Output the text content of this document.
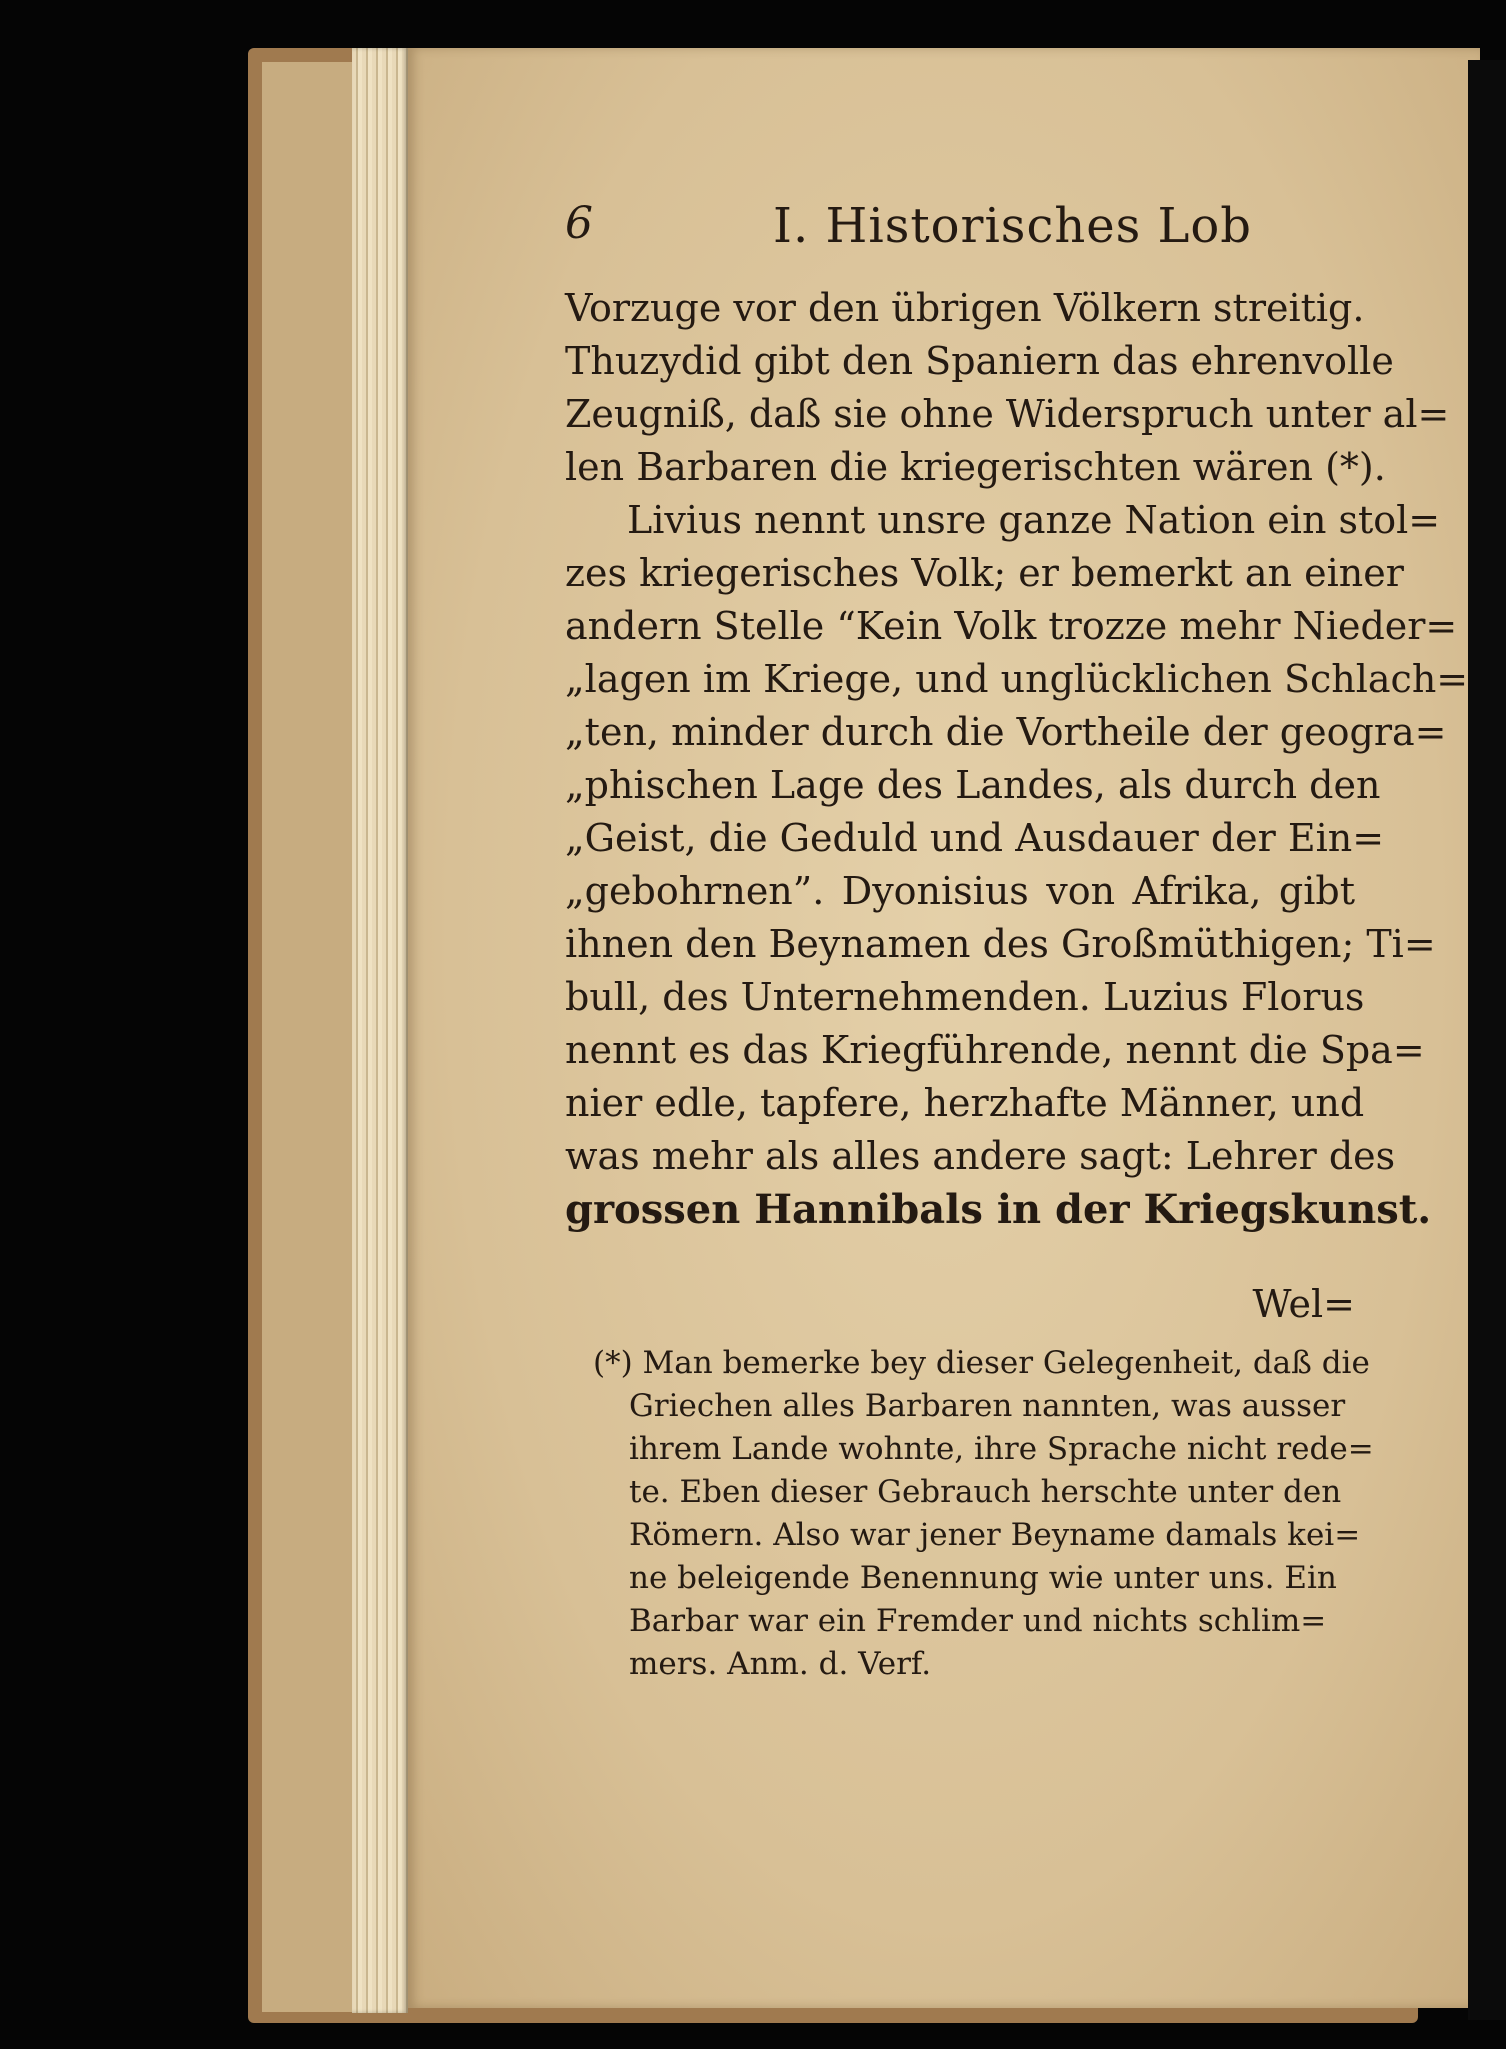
6	I. Historisches Lob
Vorzuge vor den übrigen Völkern streitig.
Thuzydid gibt den Spaniern das ehrenvolle
Zeugniß, daß sie ohne Widerspruch unter al=
len Barbaren die kriegerischten wären (*).
Livius nennt unsre ganze Nation ein stol=
zes kriegerisches Volk; er bemerkt an einer
andern Stelle “Kein Volk trozze mehr Nieder=
„lagen im Kriege, und unglücklichen Schlach=
„ten, minder durch die Vortheile der geogra=
„phischen Lage des Landes, als durch den
„Geist, die Geduld und Ausdauer der Ein=
„gebohrnen”. Dyonisius von Afrika, gibt
ihnen den Beynamen des Großmüthigen; Ti=
bull, des Unternehmenden. Luzius Florus
nennt es das Kriegführende, nennt die Spa=
nier edle, tapfere, herzhafte Männer, und
was mehr als alles andere sagt: Lehrer des
grossen Hannibals in der Kriegskunst.
Wel=
(*) Man bemerke bey dieser Gelegenheit, daß die
Griechen alles Barbaren nannten, was ausser
ihrem Lande wohnte, ihre Sprache nicht rede=
te. Eben dieser Gebrauch herschte unter den
Römern. Also war jener Beyname damals kei=
ne beleigende Benennung wie unter uns. Ein
Barbar war ein Fremder und nichts schlim=
mers. Anm. d. Verf.
